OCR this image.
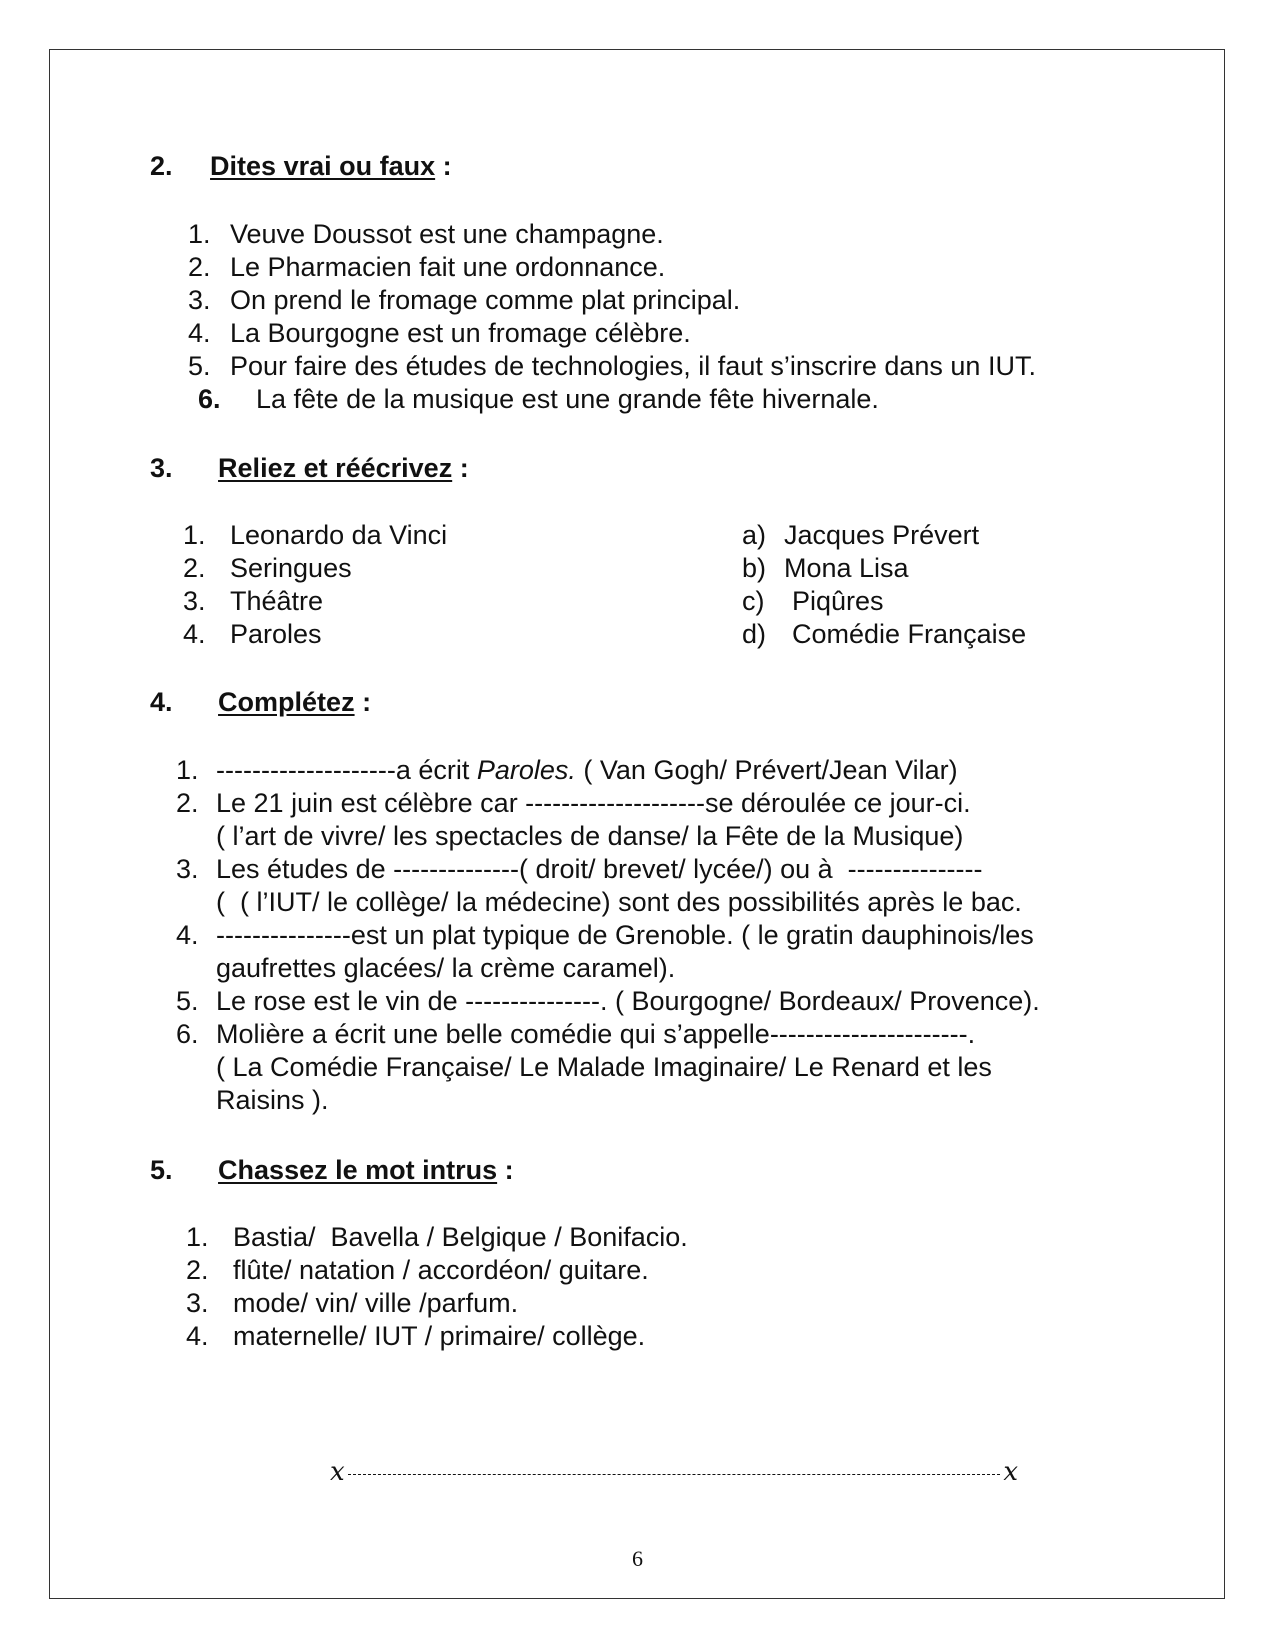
2. Dites vrai ou faux :
1. Veuve Doussot est une champagne.
2. Le Pharmacien fait une ordonnance.
3. On prend le fromage comme plat principal.
4. La Bourgogne est un fromage célèbre.
5. Pour faire des études de technologies, il faut s’inscrire dans un IUT.
6. La fête de la musique est une grande fête hivernale.
3. Reliez et réécrivez :
1. Leonardo da Vinci
2. Seringues
3. Théâtre
4. Paroles
a) Jacques Prévert
b) Mona Lisa
c) Piqûres
d) Comédie Française
4. Complétez :
1. --------------------a écrit Paroles. ( Van Gogh/ Prévert/Jean Vilar)
2. Le 21 juin est célèbre car --------------------se déroulée ce jour-ci.
( l’art de vivre/ les spectacles de danse/ la Fête de la Musique)
3. Les études de --------------( droit/ brevet/ lycée/) ou à  ---------------
(  ( l’IUT/ le collège/ la médecine) sont des possibilités après le bac.
4. ---------------est un plat typique de Grenoble. ( le gratin dauphinois/les
gaufrettes glacées/ la crème caramel).
5. Le rose est le vin de ---------------. ( Bourgogne/ Bordeaux/ Provence).
6. Molière a écrit une belle comédie qui s’appelle----------------------.
( La Comédie Française/ Le Malade Imaginaire/ Le Renard et les
Raisins ).
5. Chassez le mot intrus :
1. Bastia/  Bavella / Belgique / Bonifacio.
2. flûte/ natation / accordéon/ guitare.
3. mode/ vin/ ville /parfum.
4. maternelle/ IUT / primaire/ collège.
x	x
6
